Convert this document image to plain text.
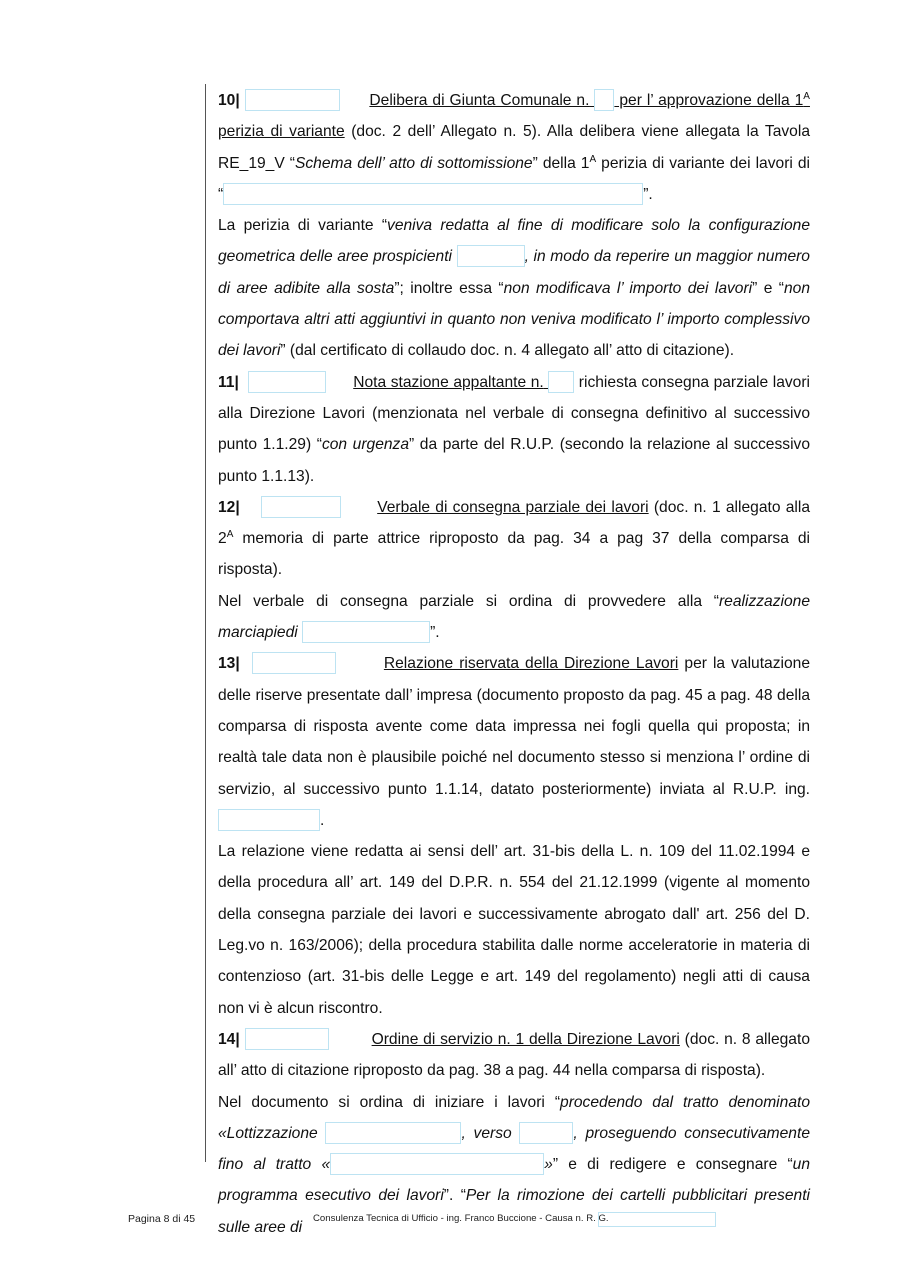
10|	Delibera di Giunta Comunale n.  per l’ approvazione della $1^A$ perizia di variante (doc. 2 dell’ Allegato n. 5). Alla delibera viene allegata la Tavola RE_19_V “Schema dell’ atto di sottomissione” della $1^A$ perizia di variante dei lavori di “	”.

La perizia di variante “veniva redatta al fine di modificare solo la configurazione geometrica delle aree prospicienti	, in modo da reperire un maggior numero di aree adibite alla sosta”; inoltre essa “non modificava l’ importo dei lavori” e “non comportava altri atti aggiuntivi in quanto non veniva modificato l’ importo complessivo dei lavori” (dal certificato di collaudo doc. n. 4 allegato all’ atto di citazione).

11|	Nota stazione appaltante n.  richiesta consegna parziale lavori alla Direzione Lavori (menzionata nel verbale di consegna definitivo al successivo punto 1.1.29) “con urgenza” da parte del R.U.P. (secondo la relazione al successivo punto 1.1.13).

12|	Verbale di consegna parziale dei lavori (doc. n. 1 allegato alla $2^A$ memoria di parte attrice riproposto da pag. 34 a pag 37 della comparsa di risposta).

Nel verbale di consegna parziale si ordina di provvedere alla “realizzazione marciapiedi	”.

13|	Relazione riservata della Direzione Lavori per la valutazione delle riserve presentate dall’ impresa (documento proposto da pag. 45 a pag. 48 della comparsa di risposta avente come data impressa nei fogli quella qui proposta; in realtà tale data non è plausibile poiché nel documento stesso si menziona l’ ordine di servizio, al successivo punto 1.1.14, datato posteriormente) inviata al R.U.P. ing. .

La relazione viene redatta ai sensi dell’ art. 31-bis della L. n. 109 del 11.02.1994 e della procedura all’ art. 149 del D.P.R. n. 554 del 21.12.1999 (vigente al momento della consegna parziale dei lavori e successivamente abrogato dall' art. 256 del D. Leg.vo n. 163/2006); della procedura stabilita dalle norme acceleratorie in materia di contenzioso (art. 31-bis delle Legge e art. 149 del regolamento) negli atti di causa non vi è alcun riscontro.

14|	Ordine di servizio n. 1 della Direzione Lavori (doc. n. 8 allegato all’ atto di citazione riproposto da pag. 38 a pag. 44 nella comparsa di risposta).

Nel documento si ordina di iniziare i lavori “procedendo dal tratto denominato «Lottizzazione	, verso	, proseguendo consecutivamente fino al tratto «	»” e di redigere e consegnare “un programma esecutivo dei lavori”. “Per la rimozione dei cartelli pubblicitari presenti sulle aree di

Pagina 8 di 45	Consulenza Tecnica di Ufficio - ing. Franco Buccione - Causa n. R. G.
